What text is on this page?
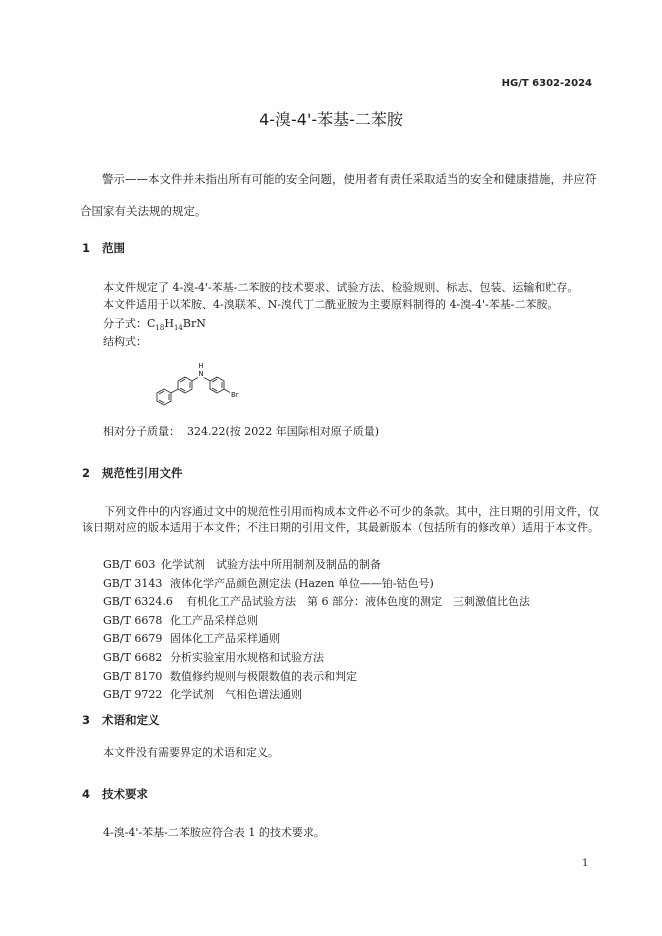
HG/T 6302-2024
4-溴-4'-苯基-二苯胺
警示——本文件并未指出所有可能的安全问题，使用者有责任采取适当的安全和健康措施，并应符合国家有关法规的规定。
1 范围
本文件规定了 4-溴-4'-苯基-二苯胺的技术要求、试验方法、检验规则、标志、包装、运输和贮存。
本文件适用于以苯胺、4-溴联苯、N-溴代丁二酰亚胺为主要原料制得的 4-溴-4'-苯基-二苯胺。
分子式：$C_{18}H_{14}BrN$
结构式：
N
H
Br
相对分子质量： 324.22(按 2022 年国际相对原子质量)
2 规范性引用文件
下列文件中的内容通过文中的规范性引用而构成本文件必不可少的条款。其中，注日期的引用文件，仅该日期对应的版本适用于本文件；不注日期的引用文件，其最新版本（包括所有的修改单）适用于本文件。
GB/T 603 化学试剂　试验方法中所用制剂及制品的制备
GB/T 3143 液体化学产品颜色测定法 (Hazen 单位——铂-钴色号)
GB/T 6324.6 有机化工产品试验方法　第 6 部分：液体色度的测定　三刺激值比色法
GB/T 6678 化工产品采样总则
GB/T 6679 固体化工产品采样通则
GB/T 6682 分析实验室用水规格和试验方法
GB/T 8170 数值修约规则与极限数值的表示和判定
GB/T 9722 化学试剂　气相色谱法通则
3 术语和定义
本文件没有需要界定的术语和定义。
4 技术要求
4-溴-4'-苯基-二苯胺应符合表 1 的技术要求。
1
